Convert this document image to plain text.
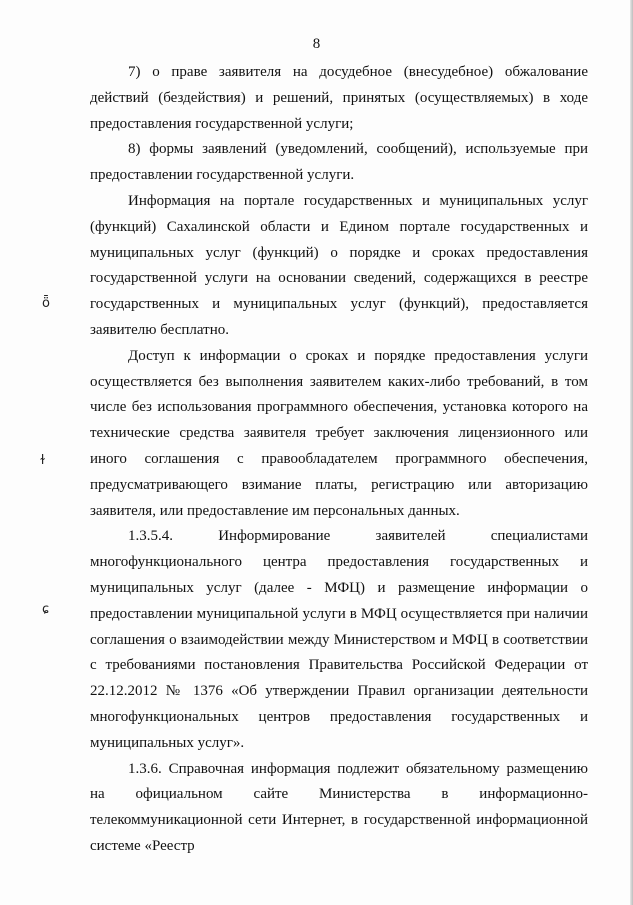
8

7) о праве заявителя на досудебное (внесудебное) обжалование действий (бездействия) и решений, принятых (осуществляемых) в ходе предоставления государственной услуги;

8) формы заявлений (уведомлений, сообщений), используемые при предоставлении государственной услуги.

Информация на портале государственных и муниципальных услуг (функций) Сахалинской области и Едином портале государственных и муниципальных услуг (функций) о порядке и сроках предоставления государственной услуги на основании сведений, содержащихся в реестре государственных и муниципальных услуг (функций), предоставляется заявителю бесплатно.

Доступ к информации о сроках и порядке предоставления услуги осуществляется без выполнения заявителем каких-либо требований, в том числе без использования программного обеспечения, установка которого на технические средства заявителя требует заключения лицензионного или иного соглашения с правообладателем программного обеспечения, предусматривающего взимание платы, регистрацию или авторизацию заявителя, или предоставление им персональных данных.

1.3.5.4. Информирование заявителей специалистами многофункционального центра предоставления государственных и муниципальных услуг (далее - МФЦ) и размещение информации о предоставлении муниципальной услуги в МФЦ осуществляется при наличии соглашения о взаимодействии между Министерством и МФЦ в соответствии с требованиями постановления Правительства Российской Федерации от 22.12.2012 № 1376 «Об утверждении Правил организации деятельности многофункциональных центров предоставления государственных и муниципальных услуг».

1.3.6. Справочная информация подлежит обязательному размещению на официальном сайте Министерства в информационно-телекоммуникационной сети Интернет, в государственной информационной системе «Реестр

ȫ
ɫ
ɕ
